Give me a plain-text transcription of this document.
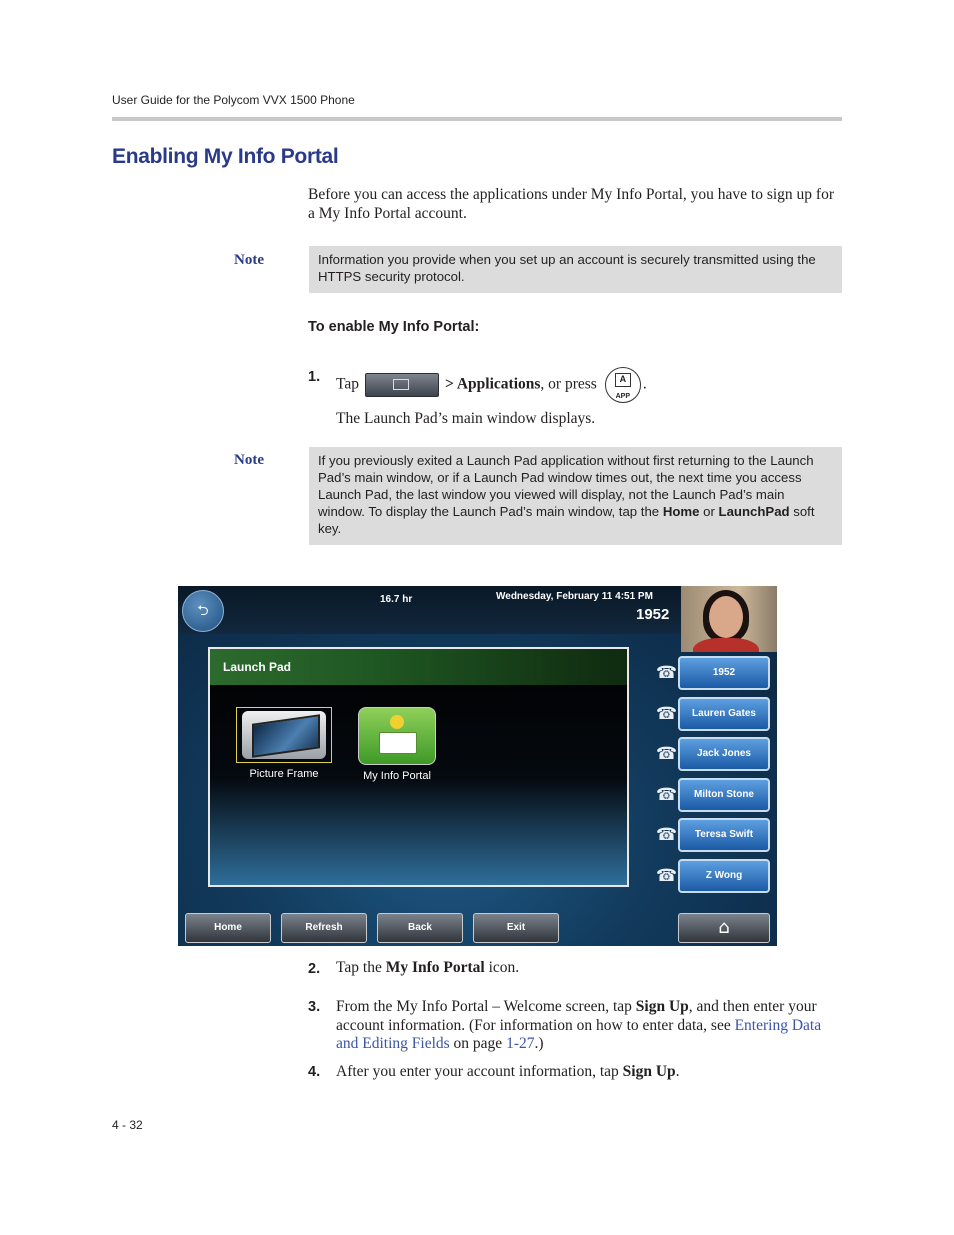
User Guide for the Polycom VVX 1500 Phone
Enabling My Info Portal
Before you can access the applications under My Info Portal, you have to sign up for a My Info Portal account.
Note	Information you provide when you set up an account is securely transmitted using the HTTPS security protocol.
To enable My Info Portal:
1. Tap	> Applications, or press	A
APP
.
The Launch Pad’s main window displays.
Note	If you previously exited a Launch Pad application without first returning to the Launch Pad’s main window, or if a Launch Pad window times out, the next time you access Launch Pad, the last window you viewed will display, not the Launch Pad’s main window. To display the Launch Pad’s main window, tap the Home or LaunchPad soft key.
⮌
16.7 hr	Wednesday, February 11 4:51 PM
1952
Launch Pad
Picture Frame	My Info Portal
☎	1952
☎	Lauren Gates
☎	Jack Jones
☎	Milton Stone
☎	Teresa Swift
☎	Z Wong
Home	Refresh	Back	Exit	⌂
2. Tap the My Info Portal icon.
3. From the My Info Portal – Welcome screen, tap Sign Up, and then enter your account information. (For information on how to enter data, see Entering Data and Editing Fields on page 1-27.)
4. After you enter your account information, tap Sign Up.
4 - 32
